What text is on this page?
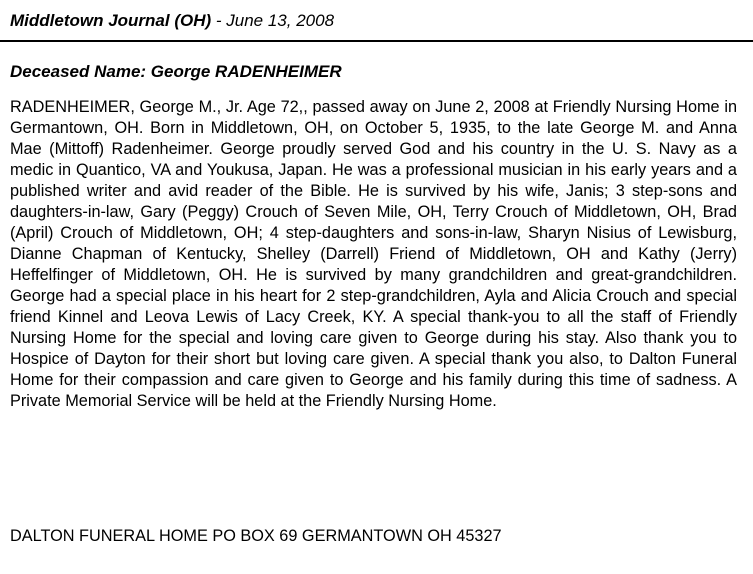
Middletown Journal (OH) - June 13, 2008
Deceased Name: George RADENHEIMER

RADENHEIMER, George M., Jr. Age 72,, passed away on June 2, 2008 at Friendly Nursing Home in Germantown, OH. Born in Middletown, OH, on October 5, 1935, to the late George M. and Anna Mae (Mittoff) Radenheimer. George proudly served God and his country in the U. S. Navy as a medic in Quantico, VA and Youkusa, Japan. He was a professional musician in his early years and a published writer and avid reader of the Bible. He is survived by his wife, Janis; 3 step-sons and daughters-in-law, Gary (Peggy) Crouch of Seven Mile, OH, Terry Crouch of Middletown, OH, Brad (April) Crouch of Middletown, OH; 4 step-daughters and sons-in-law, Sharyn Nisius of Lewisburg, Dianne Chapman of Kentucky, Shelley (Darrell) Friend of Middletown, OH and Kathy (Jerry) Heffelfinger of Middletown, OH. He is survived by many grandchildren and great-grandchildren. George had a special place in his heart for 2 step-grandchildren, Ayla and Alicia Crouch and special friend Kinnel and Leova Lewis of Lacy Creek, KY. A special thank-you to all the staff of Friendly Nursing Home for the special and loving care given to George during his stay. Also thank you to Hospice of Dayton for their short but loving care given. A special thank you also, to Dalton Funeral Home for their compassion and care given to George and his family during this time of sadness. A Private Memorial Service will be held at the Friendly Nursing Home.

DALTON FUNERAL HOME PO BOX 69 GERMANTOWN OH 45327
